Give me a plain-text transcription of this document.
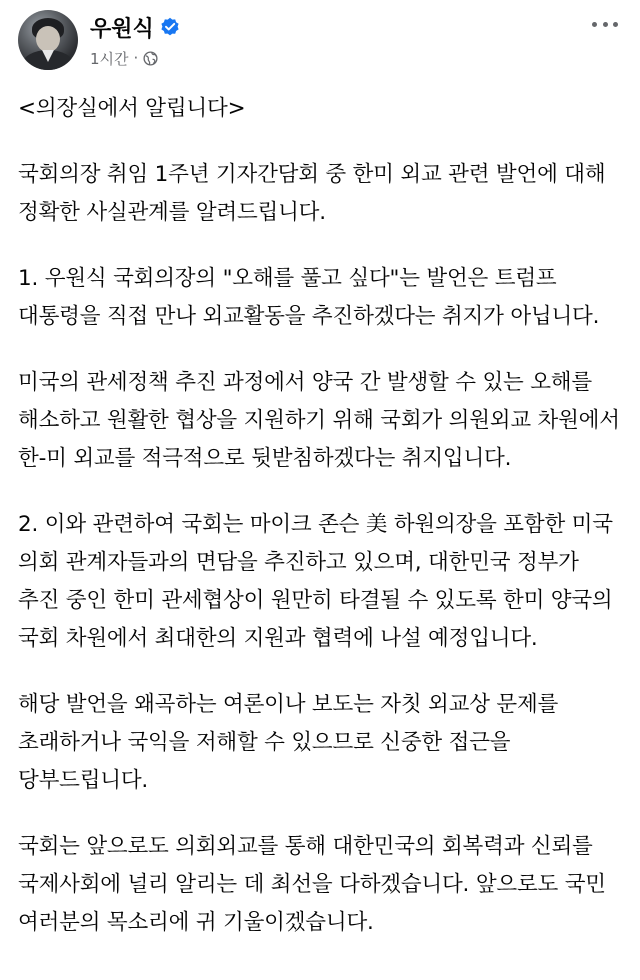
우원식
1시간 ·

<의장실에서 알립니다>

국회의장 취임 1주년 기자간담회 중 한미 외교 관련 발언에 대해 정확한 사실관계를 알려드립니다.

1. 우원식 국회의장의 "오해를 풀고 싶다"는 발언은 트럼프 대통령을 직접 만나 외교활동을 추진하겠다는 취지가 아닙니다.

미국의 관세정책 추진 과정에서 양국 간 발생할 수 있는 오해를 해소하고 원활한 협상을 지원하기 위해 국회가 의원외교 차원에서 한-미 외교를 적극적으로 뒷받침하겠다는 취지입니다.

2. 이와 관련하여 국회는 마이크 존슨 美 하원의장을 포함한 미국 의회 관계자들과의 면담을 추진하고 있으며, 대한민국 정부가 추진 중인 한미 관세협상이 원만히 타결될 수 있도록 한미 양국의 국회 차원에서 최대한의 지원과 협력에 나설 예정입니다.

해당 발언을 왜곡하는 여론이나 보도는 자칫 외교상 문제를 초래하거나 국익을 저해할 수 있으므로 신중한 접근을 당부드립니다.

국회는 앞으로도 의회외교를 통해 대한민국의 회복력과 신뢰를 국제사회에 널리 알리는 데 최선을 다하겠습니다. 앞으로도 국민 여러분의 목소리에 귀 기울이겠습니다.
